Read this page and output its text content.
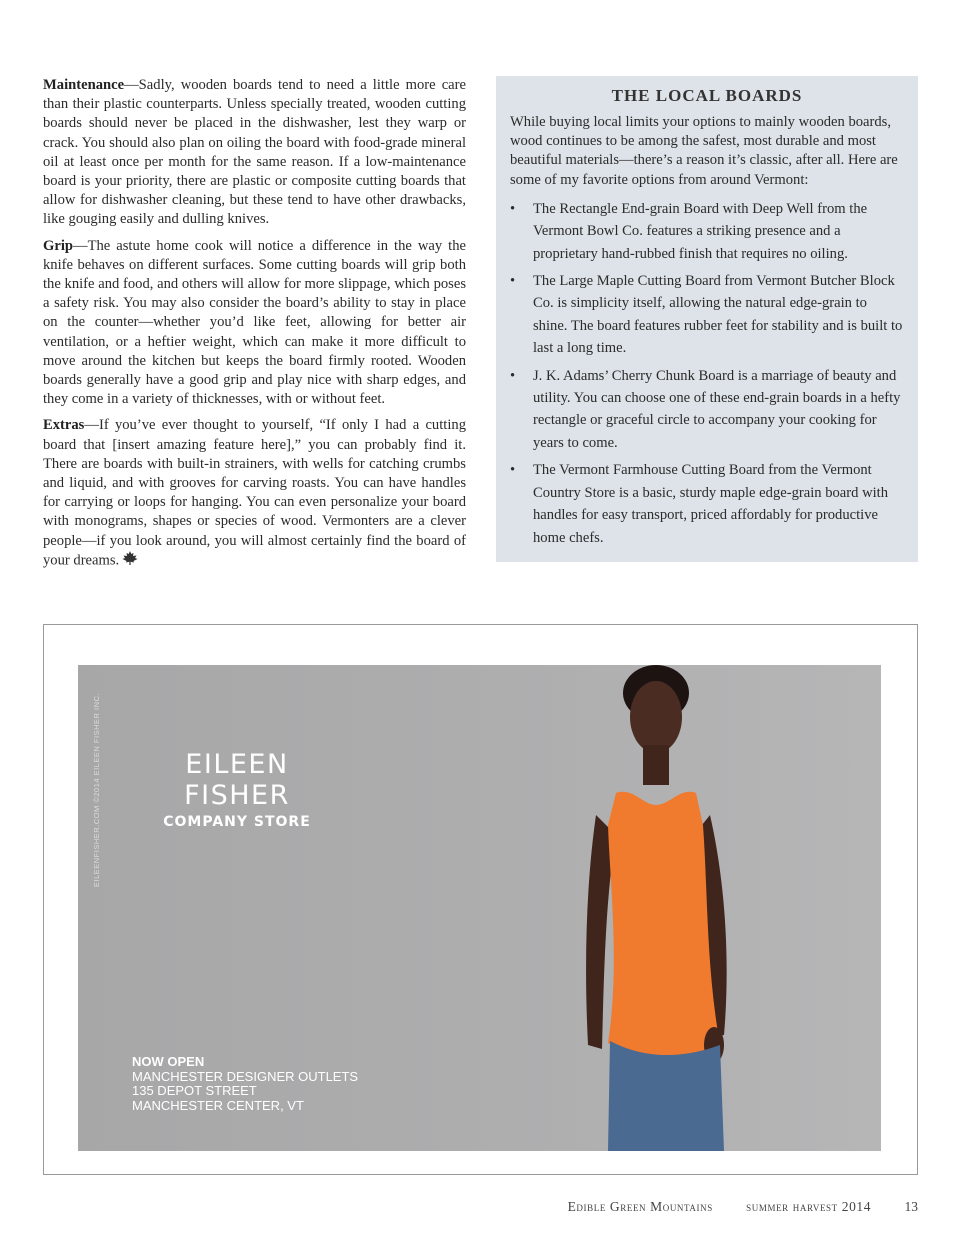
Maintenance—Sadly, wooden boards tend to need a little more care than their plastic counterparts. Unless specially treated, wooden cutting boards should never be placed in the dishwasher, lest they warp or crack. You should also plan on oiling the board with food-grade mineral oil at least once per month for the same reason. If a low-maintenance board is your priority, there are plastic or composite cutting boards that allow for dishwasher cleaning, but these tend to have other drawbacks, like gouging easily and dulling knives.

Grip—The astute home cook will notice a difference in the way the knife behaves on different surfaces. Some cutting boards will grip both the knife and food, and others will allow for more slippage, which poses a safety risk. You may also consider the board’s ability to stay in place on the counter—whether you’d like feet, allowing for better air ventilation, or a heftier weight, which can make it more difficult to move around the kitchen but keeps the board firmly rooted. Wooden boards generally have a good grip and play nice with sharp edges, and they come in a variety of thicknesses, with or without feet.

Extras—If you’ve ever thought to yourself, “If only I had a cutting board that [insert amazing feature here],” you can probably find it. There are boards with built-in strainers, with wells for catching crumbs and liquid, and with grooves for carving roasts. You can have handles for carrying or loops for hanging. You can even personalize your board with monograms, shapes or species of wood. Vermonters are a clever people—if you look around, you will almost certainly find the board of your dreams.

THE LOCAL BOARDS

While buying local limits your options to mainly wooden boards, wood continues to be among the safest, most durable and most beautiful materials—there’s a reason it’s classic, after all. Here are some of my favorite options from around Vermont:

• The Rectangle End-grain Board with Deep Well from the Vermont Bowl Co. features a striking presence and a proprietary hand-rubbed finish that requires no oiling.
• The Large Maple Cutting Board from Vermont Butcher Block Co. is simplicity itself, allowing the natural edge-grain to shine. The board features rubber feet for stability and is built to last a long time.
• J. K. Adams’ Cherry Chunk Board is a marriage of beauty and utility. You can choose one of these end-grain boards in a hefty rectangle or graceful circle to accompany your cooking for years to come.
• The Vermont Farmhouse Cutting Board from the Vermont Country Store is a basic, sturdy maple edge-grain board with handles for easy transport, priced affordably for productive home chefs.
EILEENFISHER.COM ©2014 EILEEN FISHER INC.	EILEEN FISHER
COMPANY STORE
NOW OPEN
MANCHESTER DESIGNER OUTLETS
135 DEPOT STREET
MANCHESTER CENTER, VT
Edible Green Mountains summer harvest 2014 13
